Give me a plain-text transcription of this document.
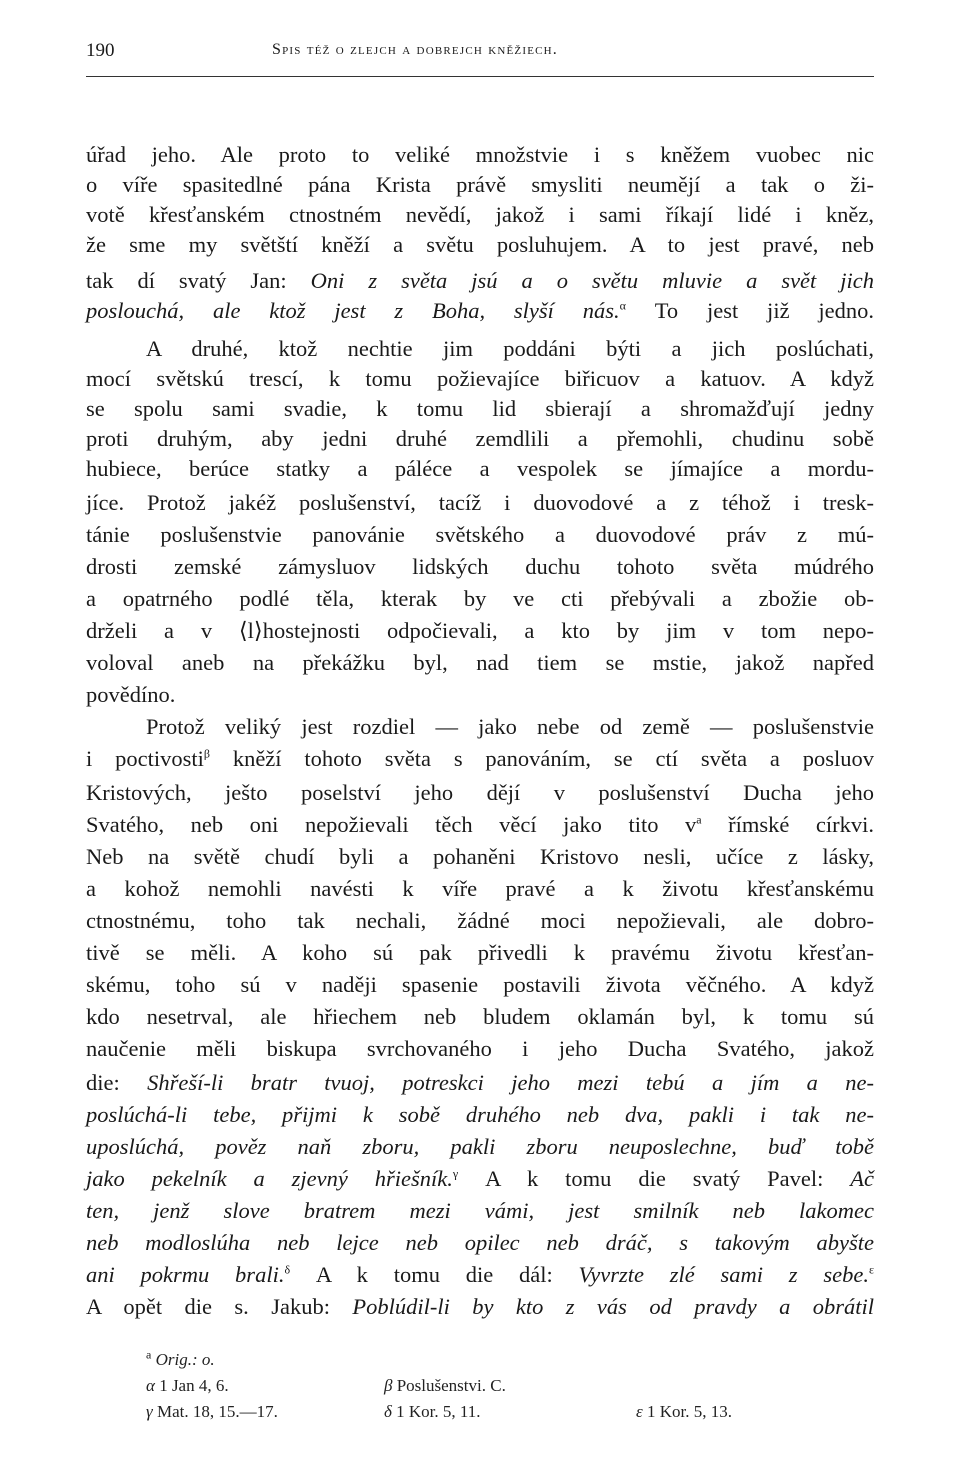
190	Spis též o zlejch a dobrejch kněžiech.
úřad jeho. Ale proto to veliké množstvie i s kněžem vuobec nic
o víře spasitedlné pána Krista právě smysliti neumějí a tak o ži-
votě křesťanském ctnostném nevědí, jakož i sami říkají lidé i kněz,
že sme my světští kněží a světu posluhujem. A to jest pravé, neb
tak dí svatý Jan: Oni z světa jsú a o světu mluvie a svět jich
poslouchá, ale ktož jest z Boha, slyší nás.$^\alpha$ To jest již jedno.
A druhé, ktož nechtie jim poddáni býti a jich poslúchati,
mocí světskú trescí, k tomu požievajíce biřicuov a katuov. A když
se spolu sami svadie, k tomu lid sbierají a shromažďují jedny
proti druhým, aby jedni druhé zemdlili a přemohli, chudinu sobě
hubiece, berúce statky a páléce a vespolek se jímajíce a mordu-
jíce. Protož jakéž poslušenství, tacíž i duovodové a z téhož i tresk-
tánie poslušenstvie panovánie světského a duovodové práv z mú-
drosti zemské zámysluov lidských duchu tohoto světa múdrého
a opatrného podlé těla, kterak by ve cti přebývali a zbožie ob-
drželi a v ⟨l⟩hostejnosti odpočievali, a kto by jim v tom nepo-
voloval aneb na překážku byl, nad tiem se mstie, jakož napřed
povědíno.
Protož veliký jest rozdiel — jako nebe od země — poslušenstvie
i poctivosti$^\beta$ kněží tohoto světa s panováním, se ctí světa a posluov
Kristových, ješto poselství jeho dějí v poslušenství Ducha jeho
Svatého, neb oni nepožievali těch věcí jako tito $v^a$ římské církvi.
Neb na světě chudí byli a pohaněni Kristovo nesli, učíce z lásky,
a kohož nemohli navésti k víře pravé a k životu křesťanskému
ctnostnému, toho tak nechali, žádné moci nepožievali, ale dobro-
tivě se měli. A koho sú pak přivedli k pravému životu křesťan-
skému, toho sú v naději spasenie postavili života věčného. A když
kdo nesetrval, ale hřiechem neb bludem oklamán byl, k tomu sú
naučenie měli biskupa svrchovaného i jeho Ducha Svatého, jakož
die: Shřeší-li bratr tvuoj, potreskci jeho mezi tebú a jím a ne-
poslúchá-li tebe, přijmi k sobě druhého neb dva, pakli i tak ne-
uposlúchá, pověz naň zboru, pakli zboru neuposlechne, buď tobě
jako pekelník a zjevný hřiešník.$^\gamma$ A k tomu die svatý Pavel: Ač
ten, jenž slove bratrem mezi vámi, jest smilník neb lakomec
neb modloslúha neb lejce neb opilec neb dráč, s takovým abyšte
ani pokrmu brali.$^\delta$ A k tomu die dál: Vyvrzte zlé sami z sebe.$^\varepsilon$
A opět die s. Jakub: Poblúdil-li by kto z vás od pravdy a obrátil
$^a$ Orig.: o.
α 1 Jan 4, 6.	β Poslušenstvi. C.
γ Mat. 18, 15.—17.	δ 1 Kor. 5, 11.	ε 1 Kor. 5, 13.
